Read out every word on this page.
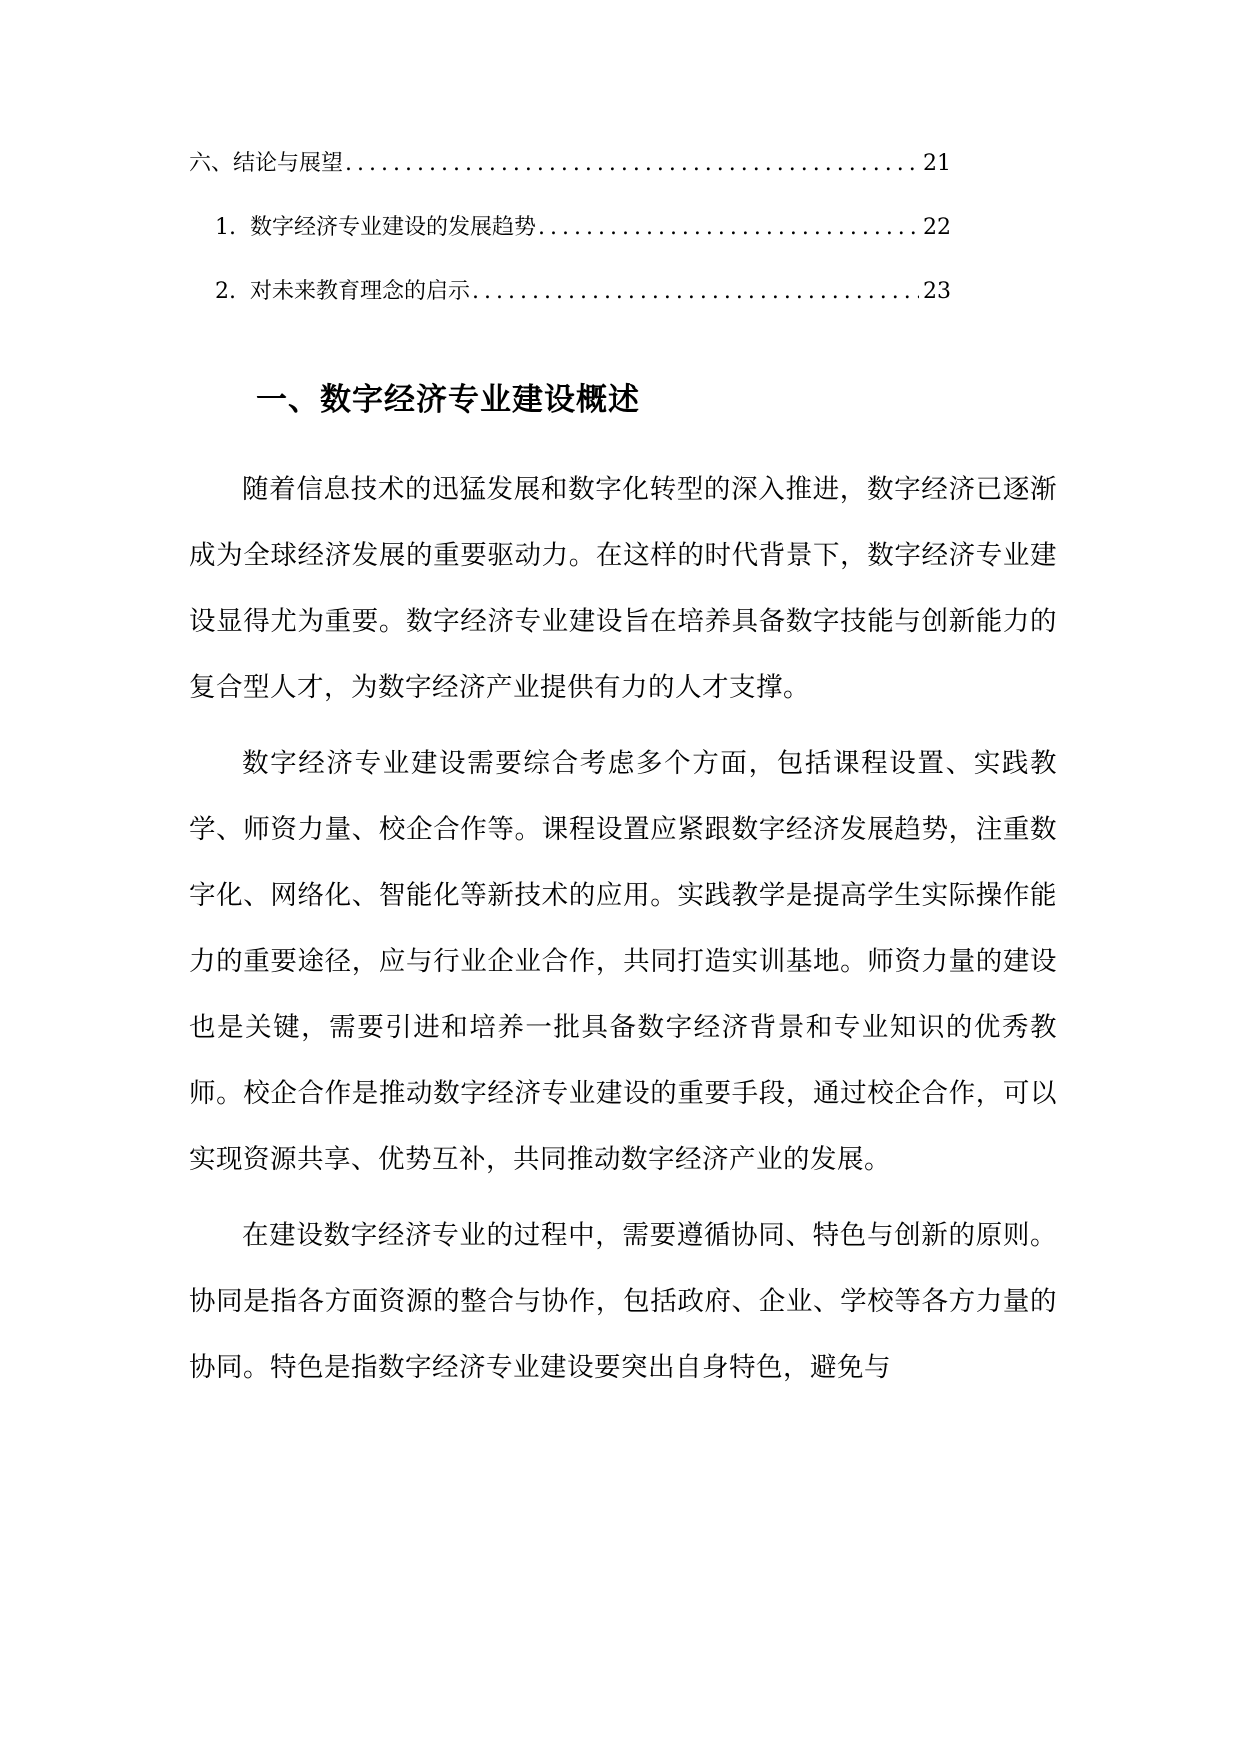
六、结论与展望 .....	21
1. 数字经济专业建设的发展趋势 .....	22
2. 对未来教育理念的启示 .....	23
一、数字经济专业建设概述

随着信息技术的迅猛发展和数字化转型的深入推进，数字经济已逐渐成为全球经济发展的重要驱动力。在这样的时代背景下，数字经济专业建设显得尤为重要。数字经济专业建设旨在培养具备数字技能与创新能力的复合型人才，为数字经济产业提供有力的人才支撑。

数字经济专业建设需要综合考虑多个方面，包括课程设置、实践教学、师资力量、校企合作等。课程设置应紧跟数字经济发展趋势，注重数字化、网络化、智能化等新技术的应用。实践教学是提高学生实际操作能力的重要途径，应与行业企业合作，共同打造实训基地。师资力量的建设也是关键，需要引进和培养一批具备数字经济背景和专业知识的优秀教师。校企合作是推动数字经济专业建设的重要手段，通过校企合作，可以实现资源共享、优势互补，共同推动数字经济产业的发展。

在建设数字经济专业的过程中，需要遵循协同、特色与创新的原则。协同是指各方面资源的整合与协作，包括政府、企业、学校等各方力量的协同。特色是指数字经济专业建设要突出自身特色，避免与
